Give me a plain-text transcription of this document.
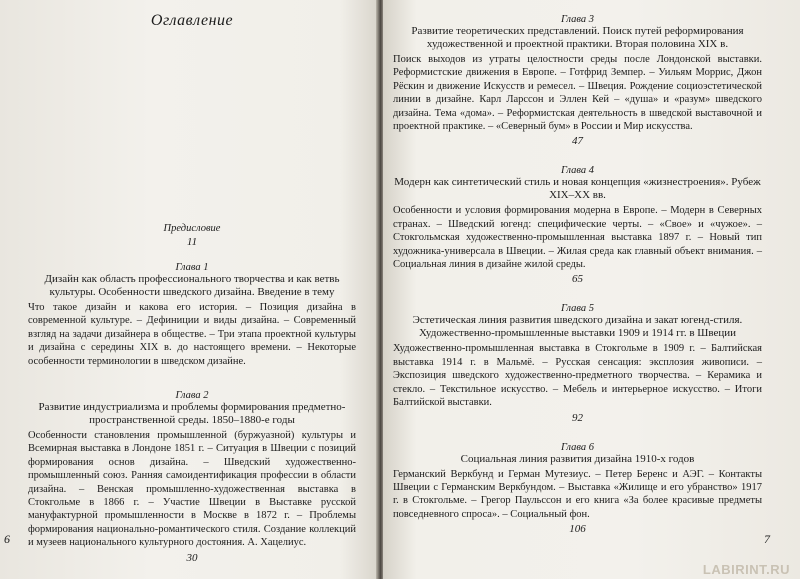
Оглавление

Предисловие

11

Глава 1

Дизайн как область профессионального творчества и как ветвь культуры. Особенности шведского дизайна. Введение в тему

Что такое дизайн и какова его история. – Позиция дизайна в современной культуре. – Дефиниции и виды дизайна. – Современный взгляд на задачи дизайнера в обществе. – Три этапа проектной культуры и дизайна с середины XIX в. до настоящего времени. – Некоторые особенности терминологии в шведском дизайне.

Глава 2

Развитие индустриализма и проблемы формирования предметно-пространственной среды. 1850–1880-е годы

Особенности становления промышленной (буржуазной) культуры и Всемирная выставка в Лондоне 1851 г. – Ситуация в Швеции с позиций формирования основ дизайна. – Шведский художественно-промышленный союз. Ранняя самоидентификация профессии в области дизайна. – Венская промышленно-художественная выставка в Стокгольме в 1866 г. – Участие Швеции в Выставке русской мануфактурной промышленности в Москве в 1872 г. – Проблемы формирования национально-романтического стиля. Создание коллекций и музеев национального культурного достояния. А. Хацелиус.

30

6

Глава 3

Развитие теоретических представлений. Поиск путей реформирования художественной и проектной практики. Вторая половина XIX в.

Поиск выходов из утраты целостности среды после Лондонской выставки. Реформистские движения в Европе. – Готфрид Земпер. – Уильям Моррис, Джон Рёскин и движение Искусств и ремесел. – Швеция. Рождение социоэстетической линии в дизайне. Карл Ларссон и Эллен Кей – «душа» и «разум» шведского дизайна. Тема «дома». – Реформистская деятельность в шведской выставочной и проектной практике. – «Северный бум» в России и Мир искусства.

47

Глава 4

Модерн как синтетический стиль и новая концепция «жизнестроения». Рубеж XIX–XX вв.

Особенности и условия формирования модерна в Европе. – Модерн в Северных странах. – Шведский югенд: специфические черты. – «Свое» и «чужое». – Стокгольмская художественно-промышленная выставка 1897 г. – Новый тип художника-универсала в Швеции. – Жилая среда как главный объект внимания. – Социальная линия в дизайне жилой среды.

65

Глава 5

Эстетическая линия развития шведского дизайна и закат югенд-стиля. Художественно-промышленные выставки 1909 и 1914 гг. в Швеции

Художественно-промышленная выставка в Стокгольме в 1909 г. – Балтийская выставка 1914 г. в Мальмё. – Русская сенсация: эксплозия живописи. – Экспозиция шведского художественно-предметного творчества. – Керамика и стекло. – Текстильное искусство. – Мебель и интерьерное искусство. – Итоги Балтийской выставки.

92

Глава 6

Социальная линия развития дизайна 1910-х годов

Германский Веркбунд и Герман Мутезиус. – Петер Беренс и АЭГ. – Контакты Швеции с Германским Веркбундом. – Выставка «Жилище и его убранство» 1917 г. в Стокгольме. – Грегор Паульссон и его книга «За более красивые предметы повседневного спроса». – Социальный фон.

106

7
LABIRINT.RU
